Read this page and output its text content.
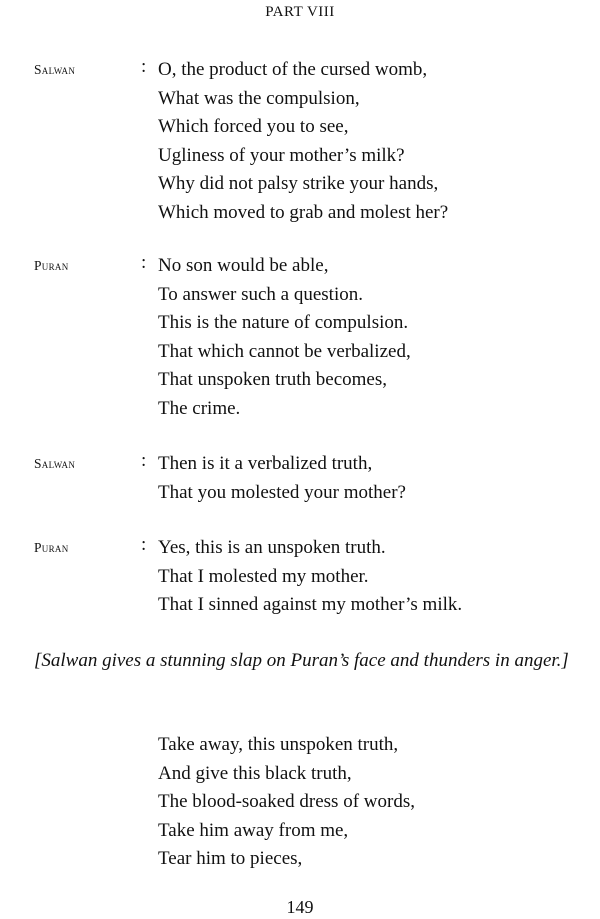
PART VIII
Salwan	: O, the product of the cursed womb,
What was the compulsion,
Which forced you to see,
Ugliness of your mother’s milk?
Why did not palsy strike your hands,
Which moved to grab and molest her?
Puran	: No son would be able,
To answer such a question.
This is the nature of compulsion.
That which cannot be verbalized,
That unspoken truth becomes,
The crime.
Salwan	: Then is it a verbalized truth,
That you molested your mother?
Puran	: Yes, this is an unspoken truth.
That I molested my mother.
That I sinned against my mother’s milk.
[Salwan gives a stunning slap on Puran’s face and thunders in anger.]
Take away, this unspoken truth,
And give this black truth,
The blood-soaked dress of words,
Take him away from me,
Tear him to pieces,
149
